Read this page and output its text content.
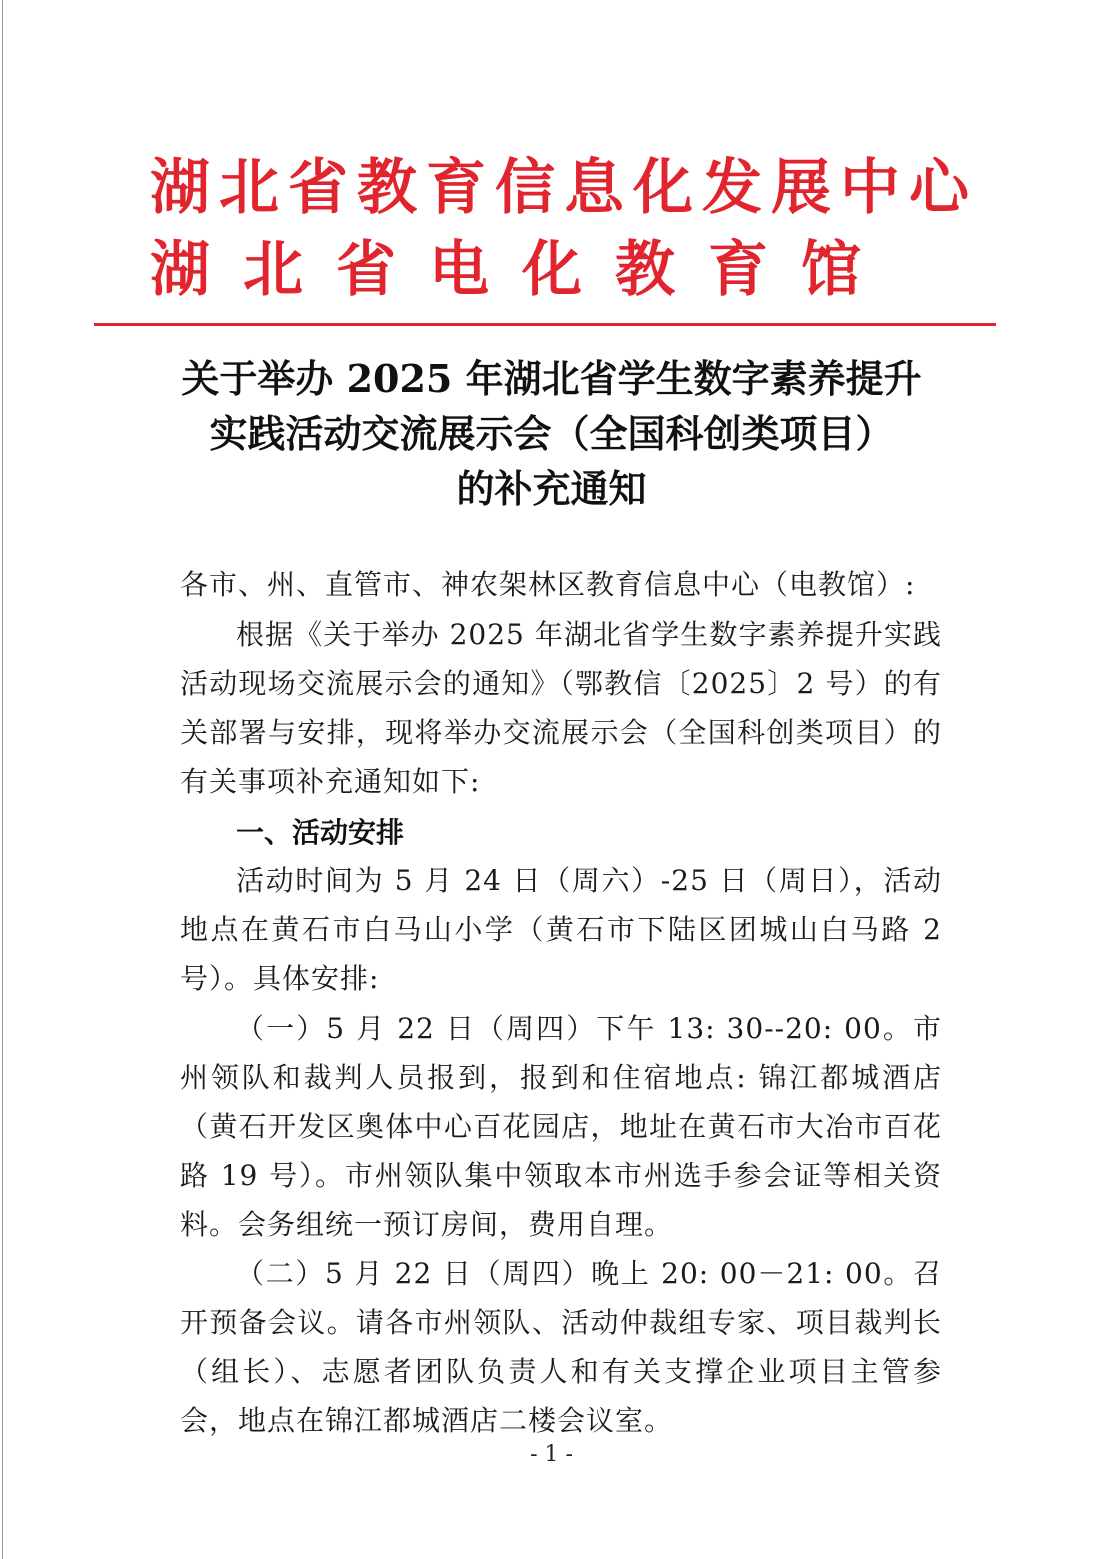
湖北省教育信息化发展中心
湖北省电化教育馆
关于举办 2025 年湖北省学生数字素养提升
实践活动交流展示会（全国科创类项目）
的补充通知
各市、州、直管市、神农架林区教育信息中心（电教馆）:
根据《关于举办 2025 年湖北省学生数字素养提升实践活动现场交流展示会的通知》（鄂教信〔2025〕2 号）的有关部署与安排，现将举办交流展示会（全国科创类项目）的有关事项补充通知如下:
一、活动安排
活动时间为 5 月 24 日（周六）-25 日（周日），活动地点在黄石市白马山小学（黄石市下陆区团城山白马路 2 号）。具体安排:
（一）5 月 22 日（周四）下午 13: 30--20: 00。市州领队和裁判人员报到，报到和住宿地点: 锦江都城酒店（黄石开发区奥体中心百花园店，地址在黄石市大冶市百花路 19 号）。市州领队集中领取本市州选手参会证等相关资料。会务组统一预订房间，费用自理。
（二）5 月 22 日（周四）晚上 20: 00－21: 00。召开预备会议。请各市州领队、活动仲裁组专家、项目裁判长（组长）、志愿者团队负责人和有关支撑企业项目主管参会，地点在锦江都城酒店二楼会议室。
- 1 -
